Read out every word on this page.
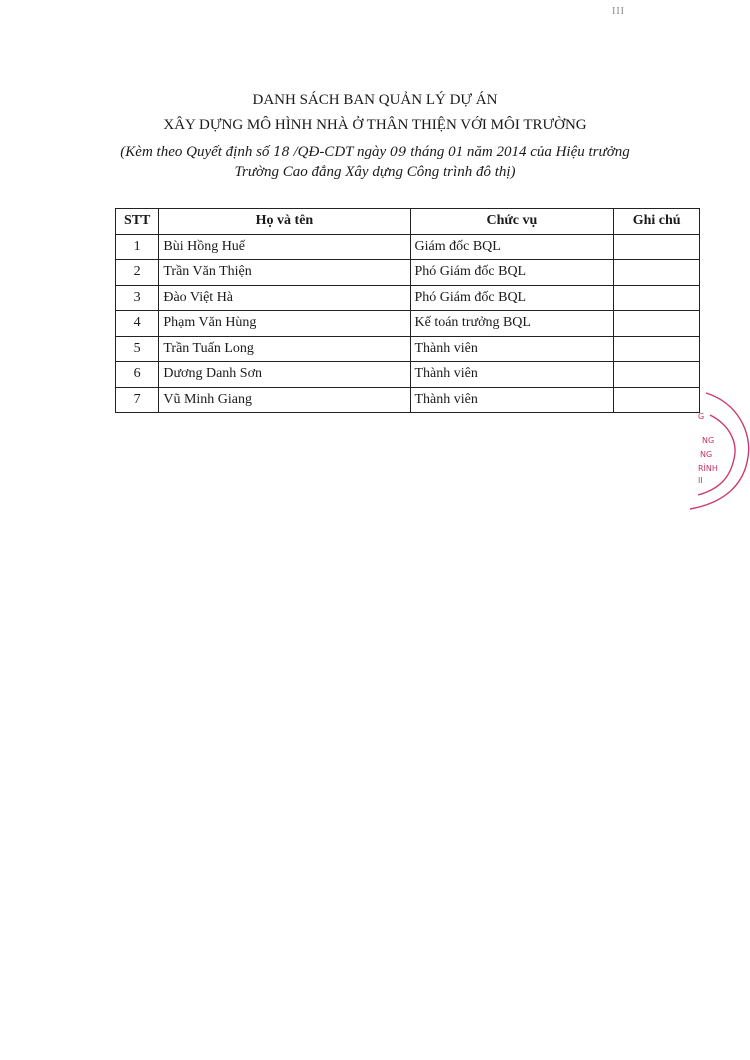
III
DANH SÁCH BAN QUẢN LÝ DỰ ÁN
XÂY DỰNG MÔ HÌNH NHÀ Ở THÂN THIỆN VỚI MÔI TRƯỜNG
(Kèm theo Quyết định số 18 /QĐ-CDT ngày 09 tháng 01 năm 2014 của Hiệu trưởng
Trường Cao đẳng Xây dựng Công trình đô thị)
STT	Họ và tên	Chức vụ	Ghi chú
1	Bùi Hồng Huế	Giám đốc BQL	
2	Trần Văn Thiện	Phó Giám đốc BQL	
3	Đào Việt Hà	Phó Giám đốc BQL	
4	Phạm Văn Hùng	Kế toán trưởng BQL	
5	Trần Tuấn Long	Thành viên	
6	Dương Danh Sơn	Thành viên	
7	Vũ Minh Giang	Thành viên	
G
NG
NG
RÌNH
II
